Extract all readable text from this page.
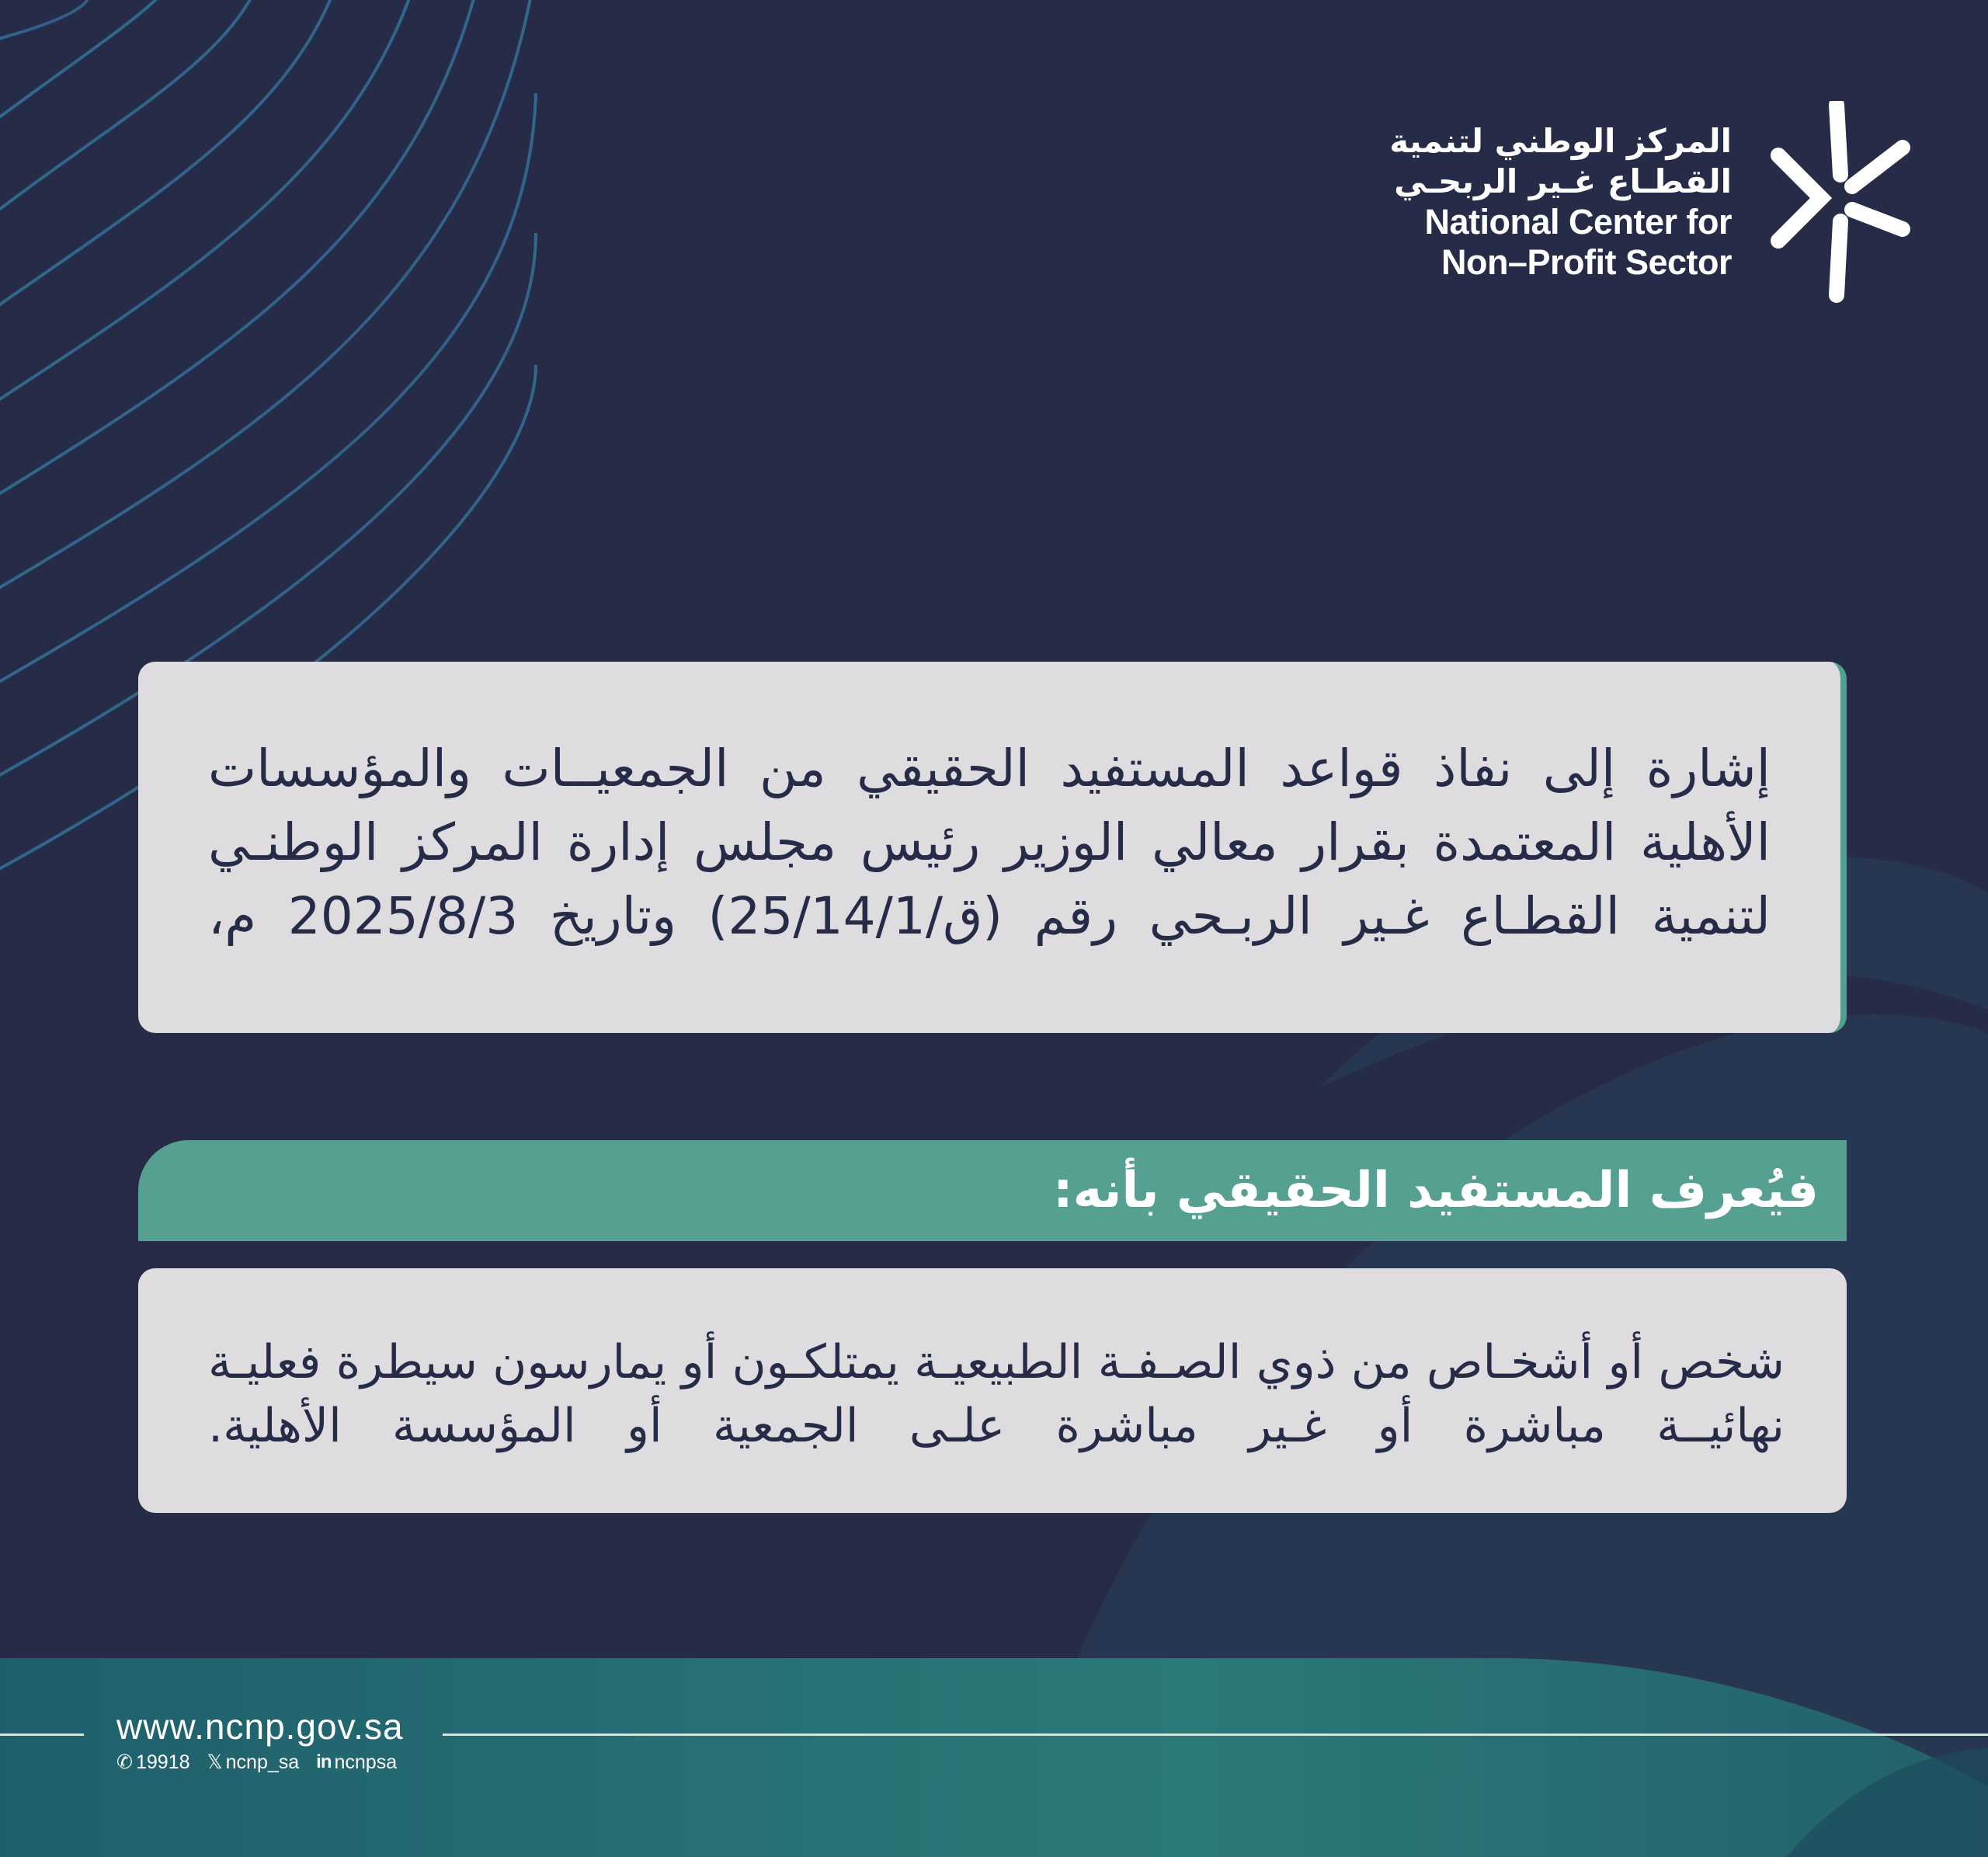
المركز الوطني لتنمية
القطـاع غـير الربحـي
National Center for
Non–Profit Sector
إشارة إلى نفاذ قواعد المستفيد الحقيقي من الجمعيــات والمؤسسات الأهلية المعتمدة بقرار معالي الوزير رئيس مجلس إدارة المركز الوطنـي لتنمية القطـاع غـير الربـحي رقم (ق/25/14/1) وتاريخ 2025/8/3 م،
فيُعرف المستفيد الحقيقي بأنه:
شخص أو أشخـاص من ذوي الصـفـة الطبيعيـة يمتلكـون أو يمارسون سيطرة فعليـة نهائيــة مباشرة أو غـير مباشرة علـى الجمعية أو المؤسسة الأهلية.
www.ncnp.gov.sa
✆ 19918 𝕏 ncnp_sa in ncnpsa
